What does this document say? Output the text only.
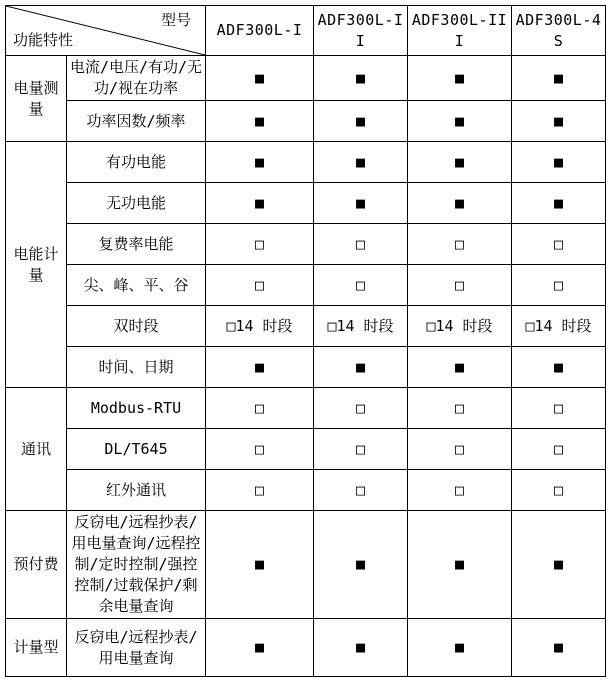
型号
功能特性		ADF300L-I	ADF300L-II	ADF300L-III	ADF300L-4S
电量测量	电流/电压/有功/无功/视在功率	■	■	■	■
	功率因数/频率	■	■	■	■
电能计量	有功电能	■	■	■	■
	无功电能	■	■	■	■
	复费率电能	□	□	□	□
	尖、峰、平、谷	□	□	□	□
	双时段	□14 时段	□14 时段	□14 时段	□14 时段
	时间、日期	■	■	■	■
通讯	Modbus-RTU	□	□	□	□
	DL/T645	□	□	□	□
	红外通讯	□	□	□	□
预付费	反窃电/远程抄表/用电量查询/远程控制/定时控制/强控控制/过载保护/剩余电量查询	■	■	■	■
计量型	反窃电/远程抄表/用电量查询	■	■	■	■
